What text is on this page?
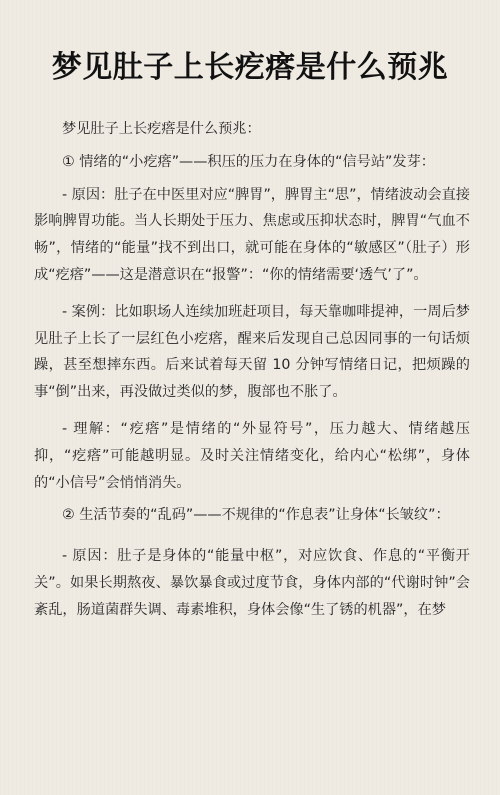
梦见肚子上长疙瘩是什么预兆

梦见肚子上长疙瘩是什么预兆：

① 情绪的“小疙瘩”——积压的压力在身体的“信号站”发芽：

- 原因：肚子在中医里对应“脾胃”，脾胃主“思”，情绪波动会直接影响脾胃功能。当人长期处于压力、焦虑或压抑状态时，脾胃“气血不畅”，情绪的“能量”找不到出口，就可能在身体的“敏感区”（肚子）形成“疙瘩”——这是潜意识在“报警”：“你的情绪需要‘透气’了”。

- 案例：比如职场人连续加班赶项目，每天靠咖啡提神，一周后梦见肚子上长了一层红色小疙瘩，醒来后发现自己总因同事的一句话烦躁，甚至想摔东西。后来试着每天留 10 分钟写情绪日记，把烦躁的事“倒”出来，再没做过类似的梦，腹部也不胀了。

- 理解：“疙瘩”是情绪的“外显符号”，压力越大、情绪越压抑，“疙瘩”可能越明显。及时关注情绪变化，给内心“松绑”，身体的“小信号”会悄悄消失。

② 生活节奏的“乱码”——不规律的“作息表”让身体“长皱纹”：

- 原因：肚子是身体的“能量中枢”，对应饮食、作息的“平衡开关”。如果长期熬夜、暴饮暴食或过度节食，身体内部的“代谢时钟”会紊乱，肠道菌群失调、毒素堆积，身体会像“生了锈的机器”，在梦
